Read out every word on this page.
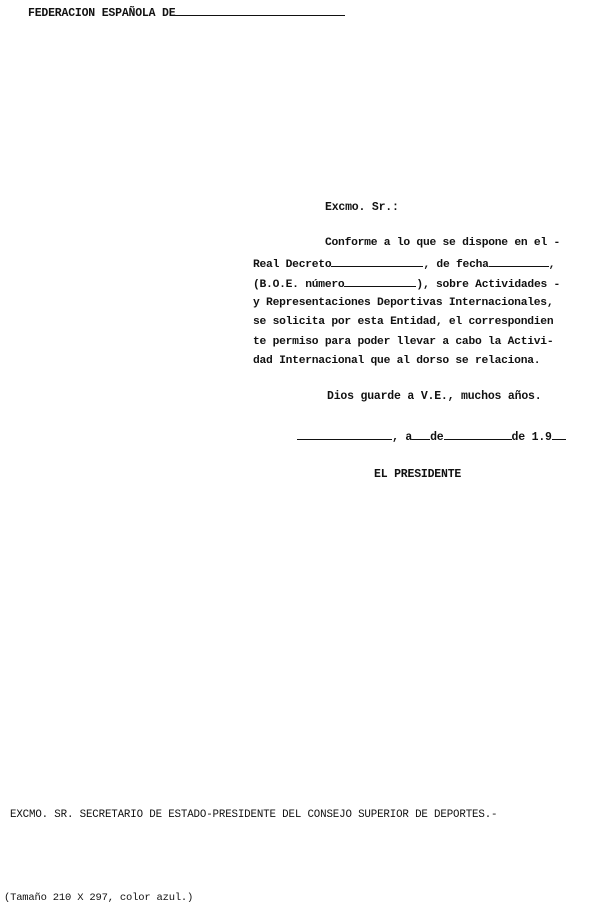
FEDERACION ESPAÑOLA DE
Excmo. Sr.:
Conforme a lo que se dispone en el -
Real Decreto	, de fecha	,
(B.O.E. número	), sobre Actividades -
y Representaciones Deportivas Internacionales,
se solicita por esta Entidad, el correspondien
te permiso para poder llevar a cabo la Activi-
dad Internacional que al dorso se relaciona.
Dios guarde a V.E., muchos años.
, a de	de 1.9
EL PRESIDENTE
EXCMO. SR. SECRETARIO DE ESTADO-PRESIDENTE DEL CONSEJO SUPERIOR DE DEPORTES.-
(Tamaño 210 X 297, color azul.)
